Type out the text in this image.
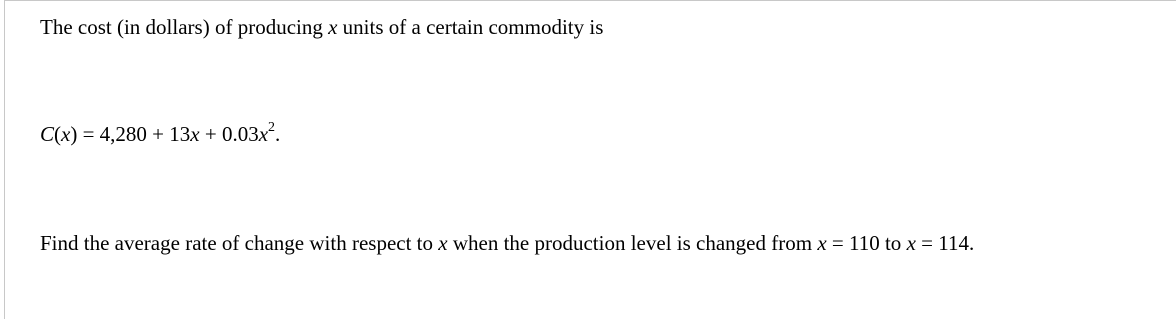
The cost (in dollars) of producing x units of a certain commodity is
$C(x) = 4,280 + 13x + 0.03x^2$.
Find the average rate of change with respect to x when the production level is changed from x = 110 to x = 114.
